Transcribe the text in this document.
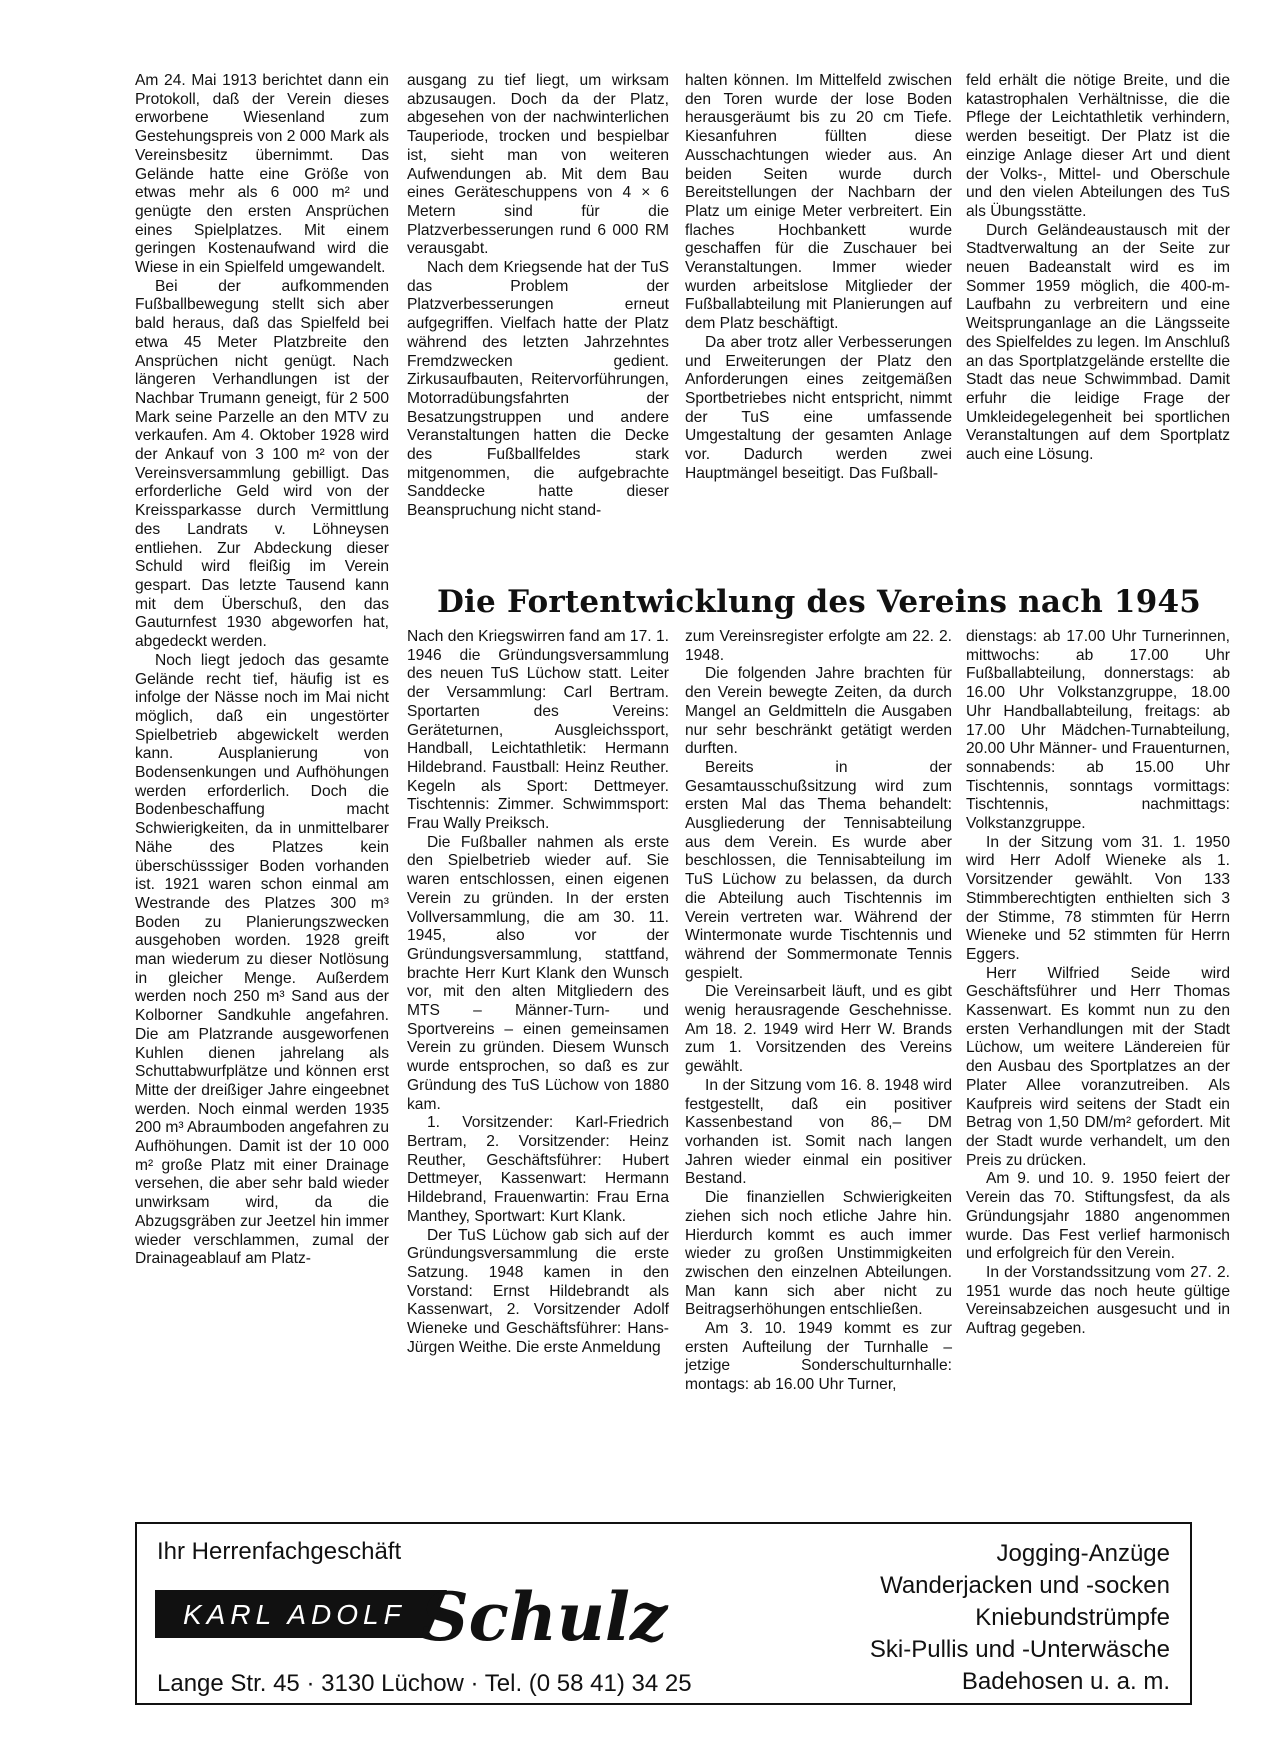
Am 24. Mai 1913 berichtet dann ein Protokoll, daß der Verein dieses erworbene Wiesenland zum Gestehungspreis von 2 000 Mark als Vereinsbesitz übernimmt. Das Gelände hatte eine Größe von etwas mehr als 6 000 m² und genügte den ersten Ansprüchen eines Spielplatzes. Mit einem geringen Kostenaufwand wird die Wiese in ein Spielfeld umgewandelt.

Bei der aufkommenden Fußballbewegung stellt sich aber bald heraus, daß das Spielfeld bei etwa 45 Meter Platzbreite den Ansprüchen nicht genügt. Nach längeren Verhandlungen ist der Nachbar Trumann geneigt, für 2 500 Mark seine Parzelle an den MTV zu verkaufen. Am 4. Oktober 1928 wird der Ankauf von 3 100 m² von der Vereinsversammlung gebilligt. Das erforderliche Geld wird von der Kreissparkasse durch Vermittlung des Landrats v. Löhneysen entliehen. Zur Abdeckung dieser Schuld wird fleißig im Verein gespart. Das letzte Tausend kann mit dem Überschuß, den das Gauturnfest 1930 abgeworfen hat, abgedeckt werden.

Noch liegt jedoch das gesamte Gelände recht tief, häufig ist es infolge der Nässe noch im Mai nicht möglich, daß ein ungestörter Spielbetrieb abgewickelt werden kann. Ausplanierung von Bodensenkungen und Aufhöhungen werden erforderlich. Doch die Bodenbeschaffung macht Schwierigkeiten, da in unmittelbarer Nähe des Platzes kein überschüsssiger Boden vorhanden ist. 1921 waren schon einmal am Westrande des Platzes 300 m³ Boden zu Planierungszwecken ausgehoben worden. 1928 greift man wiederum zu dieser Notlösung in gleicher Menge. Außerdem werden noch 250 m³ Sand aus der Kolborner Sandkuhle angefahren. Die am Platzrande ausgeworfenen Kuhlen dienen jahrelang als Schuttabwurfplätze und können erst Mitte der dreißiger Jahre eingeebnet werden. Noch einmal werden 1935 200 m³ Abraumboden angefahren zu Aufhöhungen. Damit ist der 10 000 m² große Platz mit einer Drainage versehen, die aber sehr bald wieder unwirksam wird, da die Abzugsgräben zur Jeetzel hin immer wieder verschlammen, zumal der Drainageablauf am Platz-

ausgang zu tief liegt, um wirksam abzusaugen. Doch da der Platz, abgesehen von der nachwinterlichen Tauperiode, trocken und bespielbar ist, sieht man von weiteren Aufwendungen ab. Mit dem Bau eines Geräteschuppens von 4 × 6 Metern sind für die Platzverbesserungen rund 6 000 RM verausgabt.

Nach dem Kriegsende hat der TuS das Problem der Platzverbesserungen erneut aufgegriffen. Vielfach hatte der Platz während des letzten Jahrzehntes Fremdzwecken gedient. Zirkusaufbauten, Reitervorführungen, Motorradübungsfahrten der Besatzungstruppen und andere Veranstaltungen hatten die Decke des Fußballfeldes stark mitgenommen, die aufgebrachte Sanddecke hatte dieser Beanspruchung nicht stand-

halten können. Im Mittelfeld zwischen den Toren wurde der lose Boden herausgeräumt bis zu 20 cm Tiefe. Kiesanfuhren füllten diese Ausschachtungen wieder aus. An beiden Seiten wurde durch Bereitstellungen der Nachbarn der Platz um einige Meter verbreitert. Ein flaches Hochbankett wurde geschaffen für die Zuschauer bei Veranstaltungen. Immer wieder wurden arbeitslose Mitglieder der Fußballabteilung mit Planierungen auf dem Platz beschäftigt.

Da aber trotz aller Verbesserungen und Erweiterungen der Platz den Anforderungen eines zeitgemäßen Sportbetriebes nicht entspricht, nimmt der TuS eine umfassende Umgestaltung der gesamten Anlage vor. Dadurch werden zwei Hauptmängel beseitigt. Das Fußball-

feld erhält die nötige Breite, und die katastrophalen Verhältnisse, die die Pflege der Leichtathletik verhindern, werden beseitigt. Der Platz ist die einzige Anlage dieser Art und dient der Volks-, Mittel- und Oberschule und den vielen Abteilungen des TuS als Übungsstätte.

Durch Geländeaustausch mit der Stadtverwaltung an der Seite zur neuen Badeanstalt wird es im Sommer 1959 möglich, die 400-m-Laufbahn zu verbreitern und eine Weitsprunganlage an die Längsseite des Spielfeldes zu legen. Im Anschluß an das Sportplatzgelände erstellte die Stadt das neue Schwimmbad. Damit erfuhr die leidige Frage der Umkleidegelegenheit bei sportlichen Veranstaltungen auf dem Sportplatz auch eine Lösung.

Die Fortentwicklung des Vereins nach 1945

Nach den Kriegswirren fand am 17. 1. 1946 die Gründungsversammlung des neuen TuS Lüchow statt. Leiter der Versammlung: Carl Bertram. Sportarten des Vereins: Geräteturnen, Ausgleichssport, Handball, Leichtathletik: Hermann Hildebrand. Faustball: Heinz Reuther. Kegeln als Sport: Dettmeyer. Tischtennis: Zimmer. Schwimmsport: Frau Wally Preiksch.

Die Fußballer nahmen als erste den Spielbetrieb wieder auf. Sie waren entschlossen, einen eigenen Verein zu gründen. In der ersten Vollversammlung, die am 30. 11. 1945, also vor der Gründungsversammlung, stattfand, brachte Herr Kurt Klank den Wunsch vor, mit den alten Mitgliedern des MTS – Männer-Turn- und Sportvereins – einen gemeinsamen Verein zu gründen. Diesem Wunsch wurde entsprochen, so daß es zur Gründung des TuS Lüchow von 1880 kam.

1. Vorsitzender: Karl-Friedrich Bertram, 2. Vorsitzender: Heinz Reuther, Geschäftsführer: Hubert Dettmeyer, Kassenwart: Hermann Hildebrand, Frauenwartin: Frau Erna Manthey, Sportwart: Kurt Klank.

Der TuS Lüchow gab sich auf der Gründungsversammlung die erste Satzung. 1948 kamen in den Vorstand: Ernst Hildebrandt als Kassenwart, 2. Vorsitzender Adolf Wieneke und Geschäftsführer: Hans-Jürgen Weithe. Die erste Anmeldung

zum Vereinsregister erfolgte am 22. 2. 1948.

Die folgenden Jahre brachten für den Verein bewegte Zeiten, da durch Mangel an Geldmitteln die Ausgaben nur sehr beschränkt getätigt werden durften.

Bereits in der Gesamtausschußsitzung wird zum ersten Mal das Thema behandelt: Ausgliederung der Tennisabteilung aus dem Verein. Es wurde aber beschlossen, die Tennisabteilung im TuS Lüchow zu belassen, da durch die Abteilung auch Tischtennis im Verein vertreten war. Während der Wintermonate wurde Tischtennis und während der Sommermonate Tennis gespielt.

Die Vereinsarbeit läuft, und es gibt wenig herausragende Geschehnisse. Am 18. 2. 1949 wird Herr W. Brands zum 1. Vorsitzenden des Vereins gewählt.

In der Sitzung vom 16. 8. 1948 wird festgestellt, daß ein positiver Kassenbestand von 86,– DM vorhanden ist. Somit nach langen Jahren wieder einmal ein positiver Bestand.

Die finanziellen Schwierigkeiten ziehen sich noch etliche Jahre hin. Hierdurch kommt es auch immer wieder zu großen Unstimmigkeiten zwischen den einzelnen Abteilungen. Man kann sich aber nicht zu Beitragserhöhungen entschließen.

Am 3. 10. 1949 kommt es zur ersten Aufteilung der Turnhalle – jetzige Sonderschulturnhalle: montags: ab 16.00 Uhr Turner,

dienstags: ab 17.00 Uhr Turnerinnen, mittwochs: ab 17.00 Uhr Fußballabteilung, donnerstags: ab 16.00 Uhr Volkstanzgruppe, 18.00 Uhr Handballabteilung, freitags: ab 17.00 Uhr Mädchen-Turnabteilung, 20.00 Uhr Männer- und Frauenturnen, sonnabends: ab 15.00 Uhr Tischtennis, sonntags vormittags: Tischtennis, nachmittags: Volkstanzgruppe.

In der Sitzung vom 31. 1. 1950 wird Herr Adolf Wieneke als 1. Vorsitzender gewählt. Von 133 Stimmberechtigten enthielten sich 3 der Stimme, 78 stimmten für Herrn Wieneke und 52 stimmten für Herrn Eggers.

Herr Wilfried Seide wird Geschäftsführer und Herr Thomas Kassenwart. Es kommt nun zu den ersten Verhandlungen mit der Stadt Lüchow, um weitere Ländereien für den Ausbau des Sportplatzes an der Plater Allee voranzutreiben. Als Kaufpreis wird seitens der Stadt ein Betrag von 1,50 DM/m² gefordert. Mit der Stadt wurde verhandelt, um den Preis zu drücken.

Am 9. und 10. 9. 1950 feiert der Verein das 70. Stiftungsfest, da als Gründungsjahr 1880 angenommen wurde. Das Fest verlief harmonisch und erfolgreich für den Verein.

In der Vorstandssitzung vom 27. 2. 1951 wurde das noch heute gültige Vereinsabzeichen ausgesucht und in Auftrag gegeben.

Ihr Herrenfachgeschäft
KARL ADOLF Schulz
Lange Str. 45 · 3130 Lüchow · Tel. (0 58 41) 34 25
Jogging-Anzüge
Wanderjacken und -socken
Kniebundstrümpfe
Ski-Pullis und -Unterwäsche
Badehosen u. a. m.
